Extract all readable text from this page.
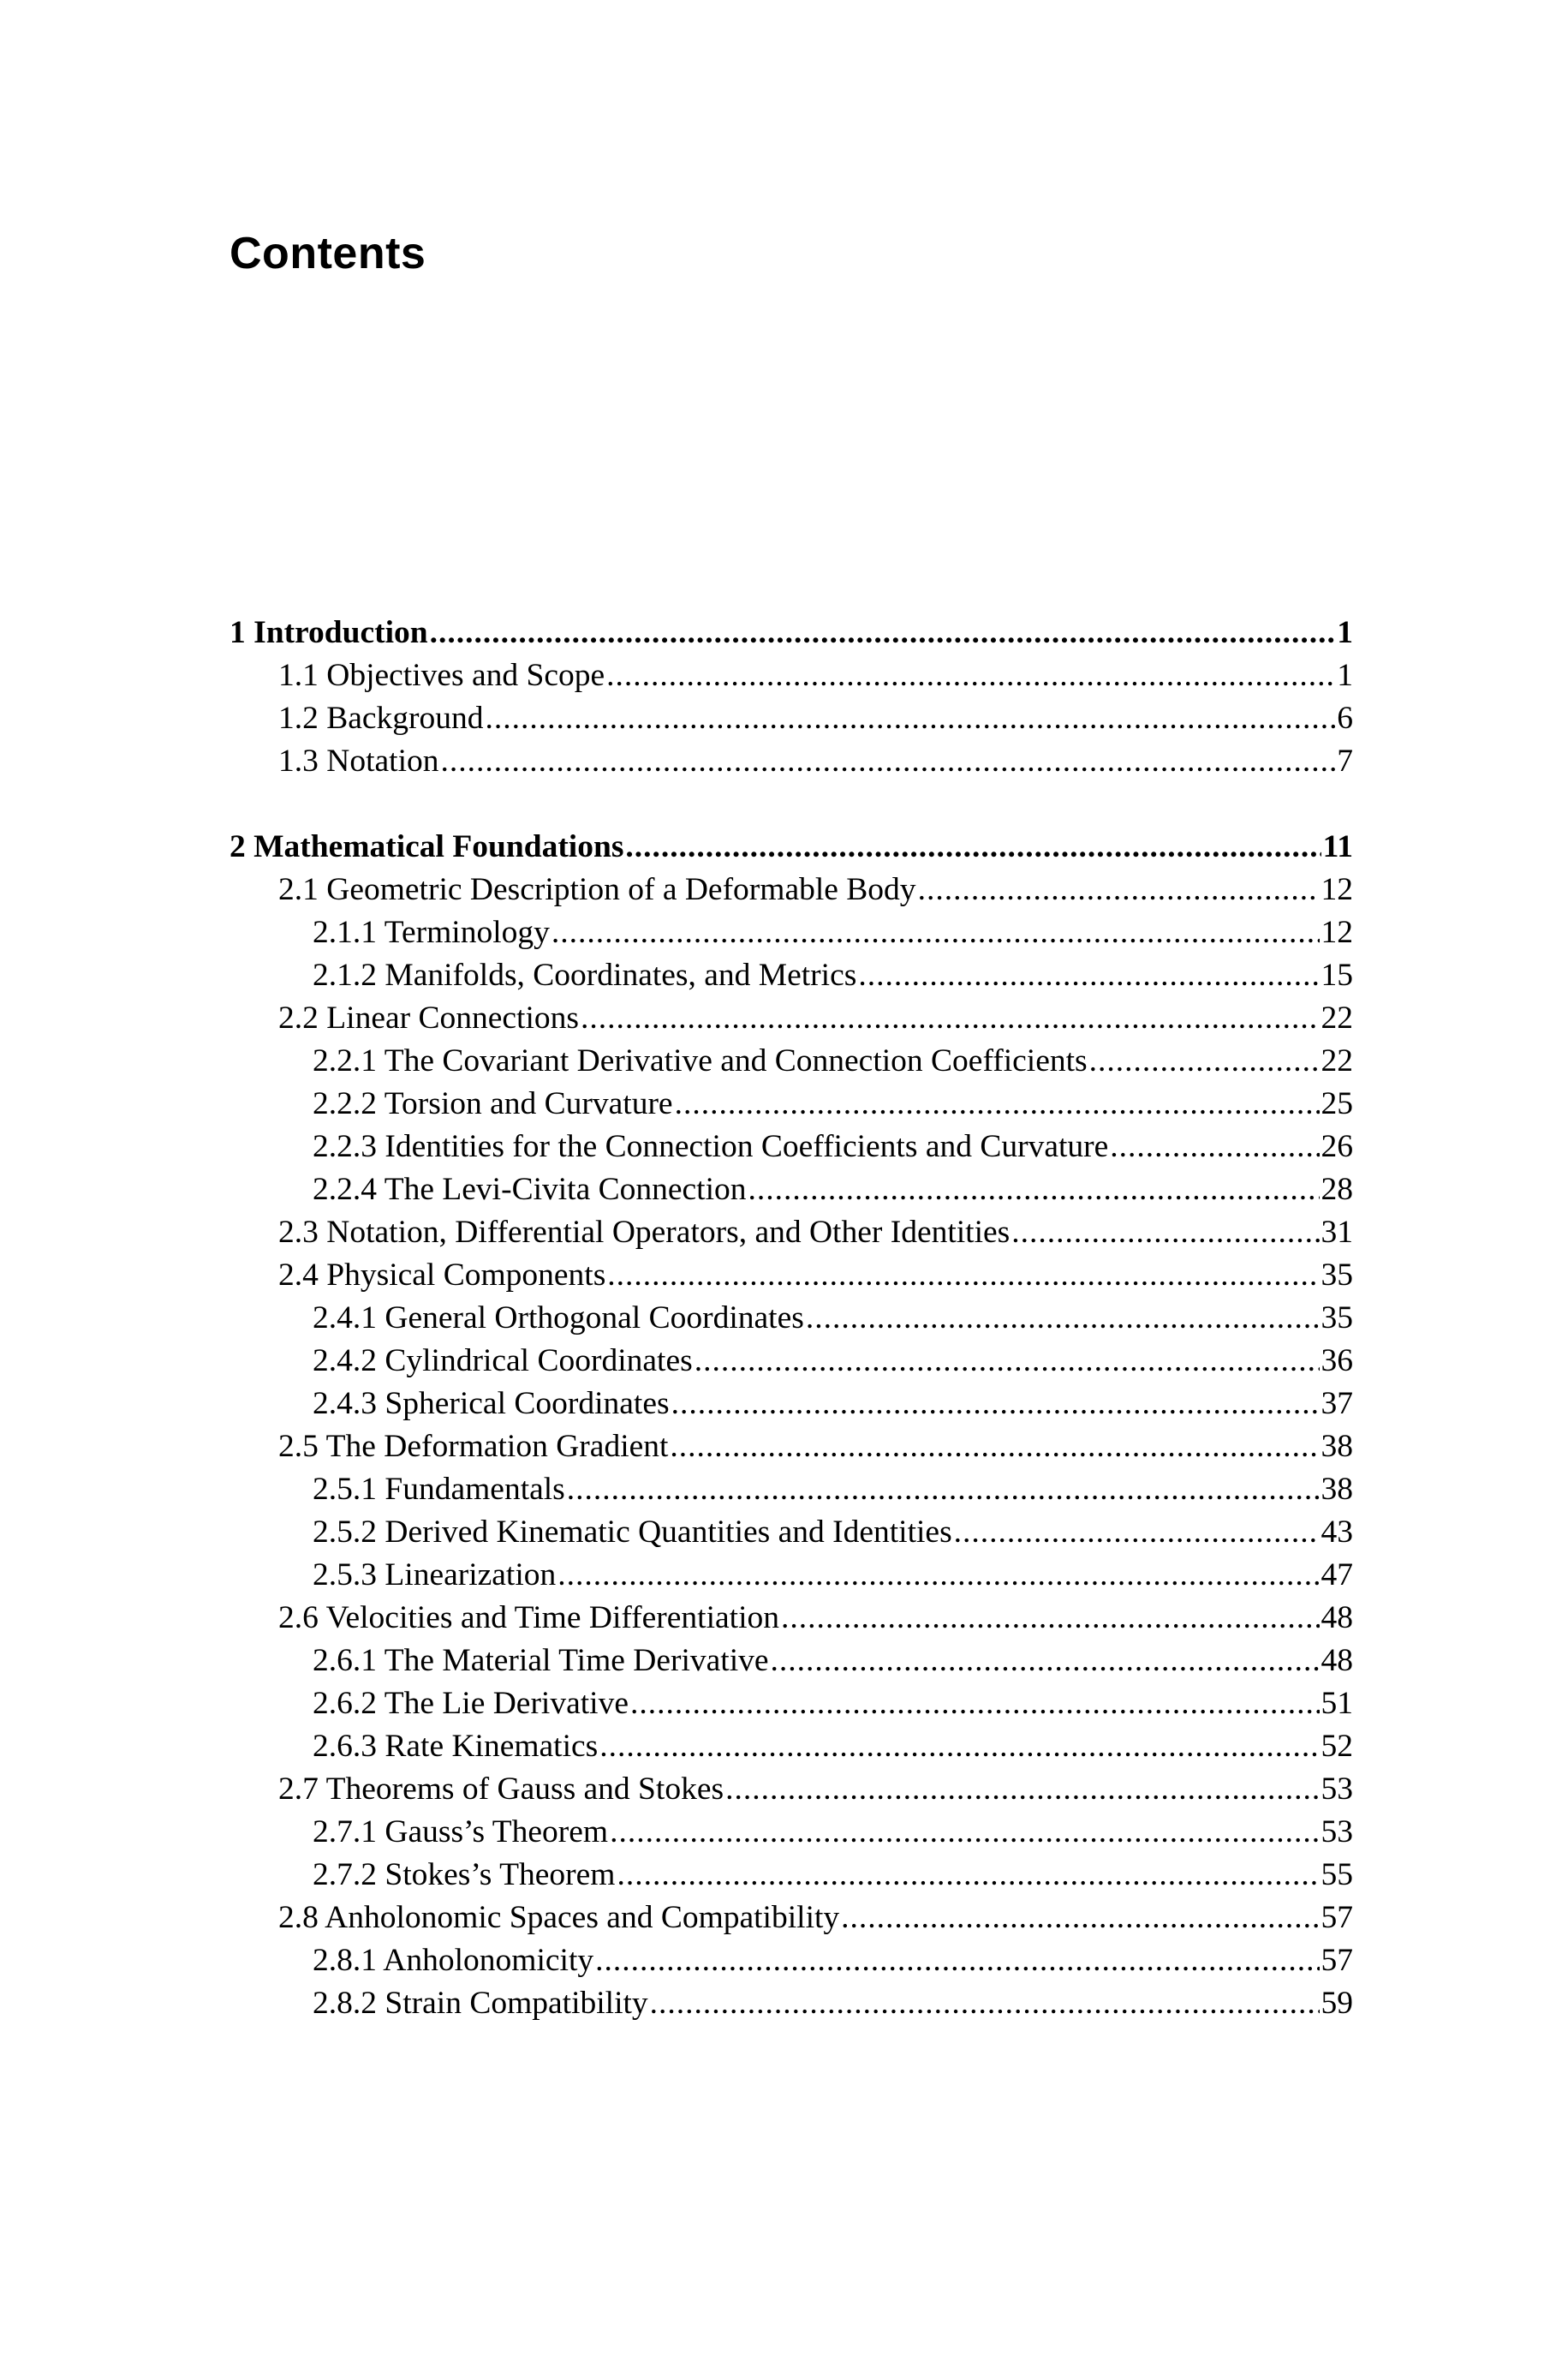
Contents
1 Introduction .....	1
1.1 Objectives and Scope .....	1
1.2 Background .....	6
1.3 Notation .....	7
2 Mathematical Foundations .....	11
2.1 Geometric Description of a Deformable Body .....	12
2.1.1 Terminology .....	12
2.1.2 Manifolds, Coordinates, and Metrics .....	15
2.2 Linear Connections .....	22
2.2.1 The Covariant Derivative and Connection Coefficients .....	22
2.2.2 Torsion and Curvature .....	25
2.2.3 Identities for the Connection Coefficients and Curvature .....	26
2.2.4 The Levi-Civita Connection .....	28
2.3 Notation, Differential Operators, and Other Identities .....	31
2.4 Physical Components .....	35
2.4.1 General Orthogonal Coordinates .....	35
2.4.2 Cylindrical Coordinates .....	36
2.4.3 Spherical Coordinates .....	37
2.5 The Deformation Gradient .....	38
2.5.1 Fundamentals .....	38
2.5.2 Derived Kinematic Quantities and Identities .....	43
2.5.3 Linearization .....	47
2.6 Velocities and Time Differentiation .....	48
2.6.1 The Material Time Derivative .....	48
2.6.2 The Lie Derivative .....	51
2.6.3 Rate Kinematics .....	52
2.7 Theorems of Gauss and Stokes .....	53
2.7.1 Gauss’s Theorem .....	53
2.7.2 Stokes’s Theorem .....	55
2.8 Anholonomic Spaces and Compatibility .....	57
2.8.1 Anholonomicity .....	57
2.8.2 Strain Compatibility .....	59
